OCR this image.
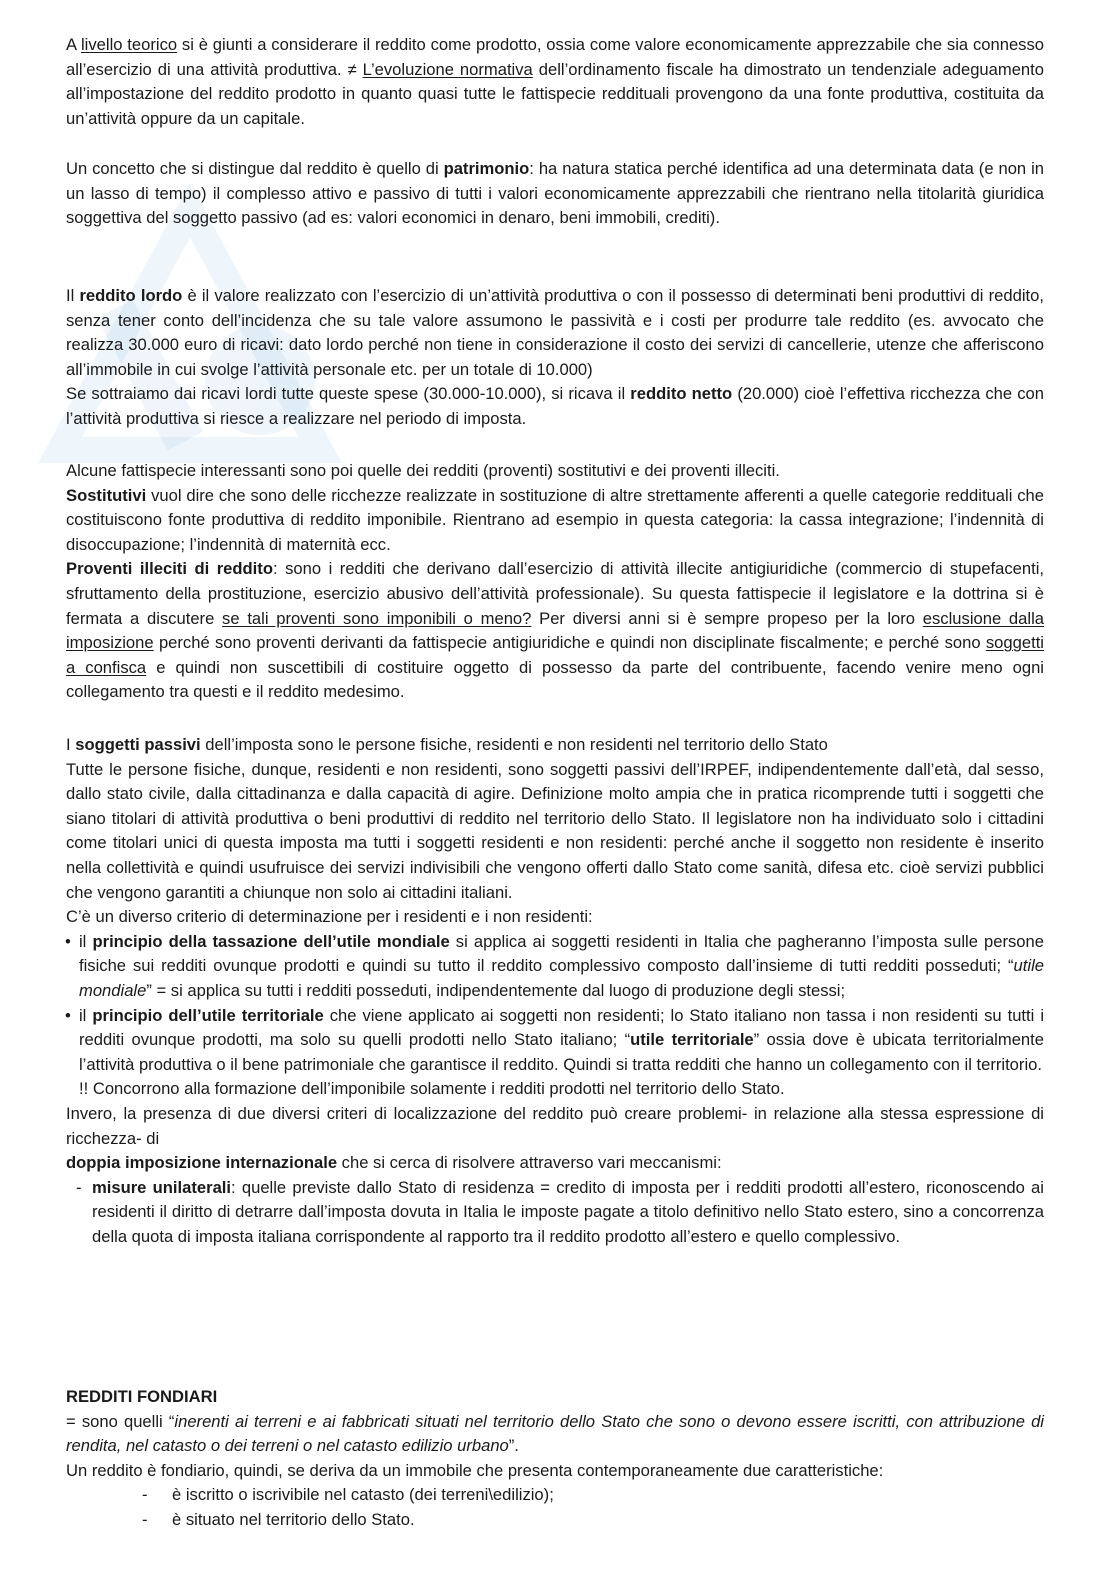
A livello teorico si è giunti a considerare il reddito come prodotto, ossia come valore economicamente apprezzabile che sia connesso all’esercizio di una attività produttiva. ≠ L’evoluzione normativa dell’ordinamento fiscale ha dimostrato un tendenziale adeguamento all’impostazione del reddito prodotto in quanto quasi tutte le fattispecie reddituali provengono da una fonte produttiva, costituita da un’attività oppure da un capitale.

Un concetto che si distingue dal reddito è quello di patrimonio: ha natura statica perché identifica ad una determinata data (e non in un lasso di tempo) il complesso attivo e passivo di tutti i valori economicamente apprezzabili che rientrano nella titolarità giuridica soggettiva del soggetto passivo (ad es: valori economici in denaro, beni immobili, crediti).

Il reddito lordo è il valore realizzato con l’esercizio di un’attività produttiva o con il possesso di determinati beni produttivi di reddito, senza tener conto dell’incidenza che su tale valore assumono le passività e i costi per produrre tale reddito (es. avvocato che realizza 30.000 euro di ricavi: dato lordo perché non tiene in considerazione il costo dei servizi di cancellerie, utenze che afferiscono all’immobile in cui svolge l’attività personale etc. per un totale di 10.000)

Se sottraiamo dai ricavi lordi tutte queste spese (30.000-10.000), si ricava il reddito netto (20.000) cioè l’effettiva ricchezza che con l’attività produttiva si riesce a realizzare nel periodo di imposta.

Alcune fattispecie interessanti sono poi quelle dei redditi (proventi) sostitutivi e dei proventi illeciti.

Sostitutivi vuol dire che sono delle ricchezze realizzate in sostituzione di altre strettamente afferenti a quelle categorie reddituali che costituiscono fonte produttiva di reddito imponibile. Rientrano ad esempio in questa categoria: la cassa integrazione; l’indennità di disoccupazione; l’indennità di maternità ecc.

Proventi illeciti di reddito: sono i redditi che derivano dall’esercizio di attività illecite antigiuridiche (commercio di stupefacenti, sfruttamento della prostituzione, esercizio abusivo dell’attività professionale). Su questa fattispecie il legislatore e la dottrina si è fermata a discutere se tali proventi sono imponibili o meno? Per diversi anni si è sempre propeso per la loro esclusione dalla imposizione perché sono proventi derivanti da fattispecie antigiuridiche e quindi non disciplinate fiscalmente; e perché sono soggetti a confisca e quindi non suscettibili di costituire oggetto di possesso da parte del contribuente, facendo venire meno ogni collegamento tra questi e il reddito medesimo.

I soggetti passivi dell’imposta sono le persone fisiche, residenti e non residenti nel territorio dello Stato

Tutte le persone fisiche, dunque, residenti e non residenti, sono soggetti passivi dell’IRPEF, indipendentemente dall’età, dal sesso, dallo stato civile, dalla cittadinanza e dalla capacità di agire. Definizione molto ampia che in pratica ricomprende tutti i soggetti che siano titolari di attività produttiva o beni produttivi di reddito nel territorio dello Stato. Il legislatore non ha individuato solo i cittadini come titolari unici di questa imposta ma tutti i soggetti residenti e non residenti: perché anche il soggetto non residente è inserito nella collettività e quindi usufruisce dei servizi indivisibili che vengono offerti dallo Stato come sanità, difesa etc. cioè servizi pubblici che vengono garantiti a chiunque non solo ai cittadini italiani.

C’è un diverso criterio di determinazione per i residenti e i non residenti:

• il principio della tassazione dell’utile mondiale si applica ai soggetti residenti in Italia che pagheranno l’imposta sulle persone fisiche sui redditi ovunque prodotti e quindi su tutto il reddito complessivo composto dall’insieme di tutti redditi posseduti; “utile mondiale” = si applica su tutti i redditi posseduti, indipendentemente dal luogo di produzione degli stessi;
• il principio dell’utile territoriale che viene applicato ai soggetti non residenti; lo Stato italiano non tassa i non residenti su tutti i redditi ovunque prodotti, ma solo su quelli prodotti nello Stato italiano; “utile territoriale” ossia dove è ubicata territorialmente l’attività produttiva o il bene patrimoniale che garantisce il reddito. Quindi si tratta redditi che hanno un collegamento con il territorio.

!! Concorrono alla formazione dell’imponibile solamente i redditi prodotti nel territorio dello Stato.

Invero, la presenza di due diversi criteri di localizzazione del reddito può creare problemi- in relazione alla stessa espressione di ricchezza- di

doppia imposizione internazionale che si cerca di risolvere attraverso vari meccanismi:

- misure unilaterali: quelle previste dallo Stato di residenza = credito di imposta per i redditi prodotti all’estero, riconoscendo ai residenti il diritto di detrarre dall’imposta dovuta in Italia le imposte pagate a titolo definitivo nello Stato estero, sino a concorrenza della quota di imposta italiana corrispondente al rapporto tra il reddito prodotto all’estero e quello complessivo.

REDDITI FONDIARI

= sono quelli “inerenti ai terreni e ai fabbricati situati nel territorio dello Stato che sono o devono essere iscritti, con attribuzione di rendita, nel catasto o dei terreni o nel catasto edilizio urbano”.

Un reddito è fondiario, quindi, se deriva da un immobile che presenta contemporaneamente due caratteristiche:

- è iscritto o iscrivibile nel catasto (dei terreni\edilizio);
- è situato nel territorio dello Stato.
